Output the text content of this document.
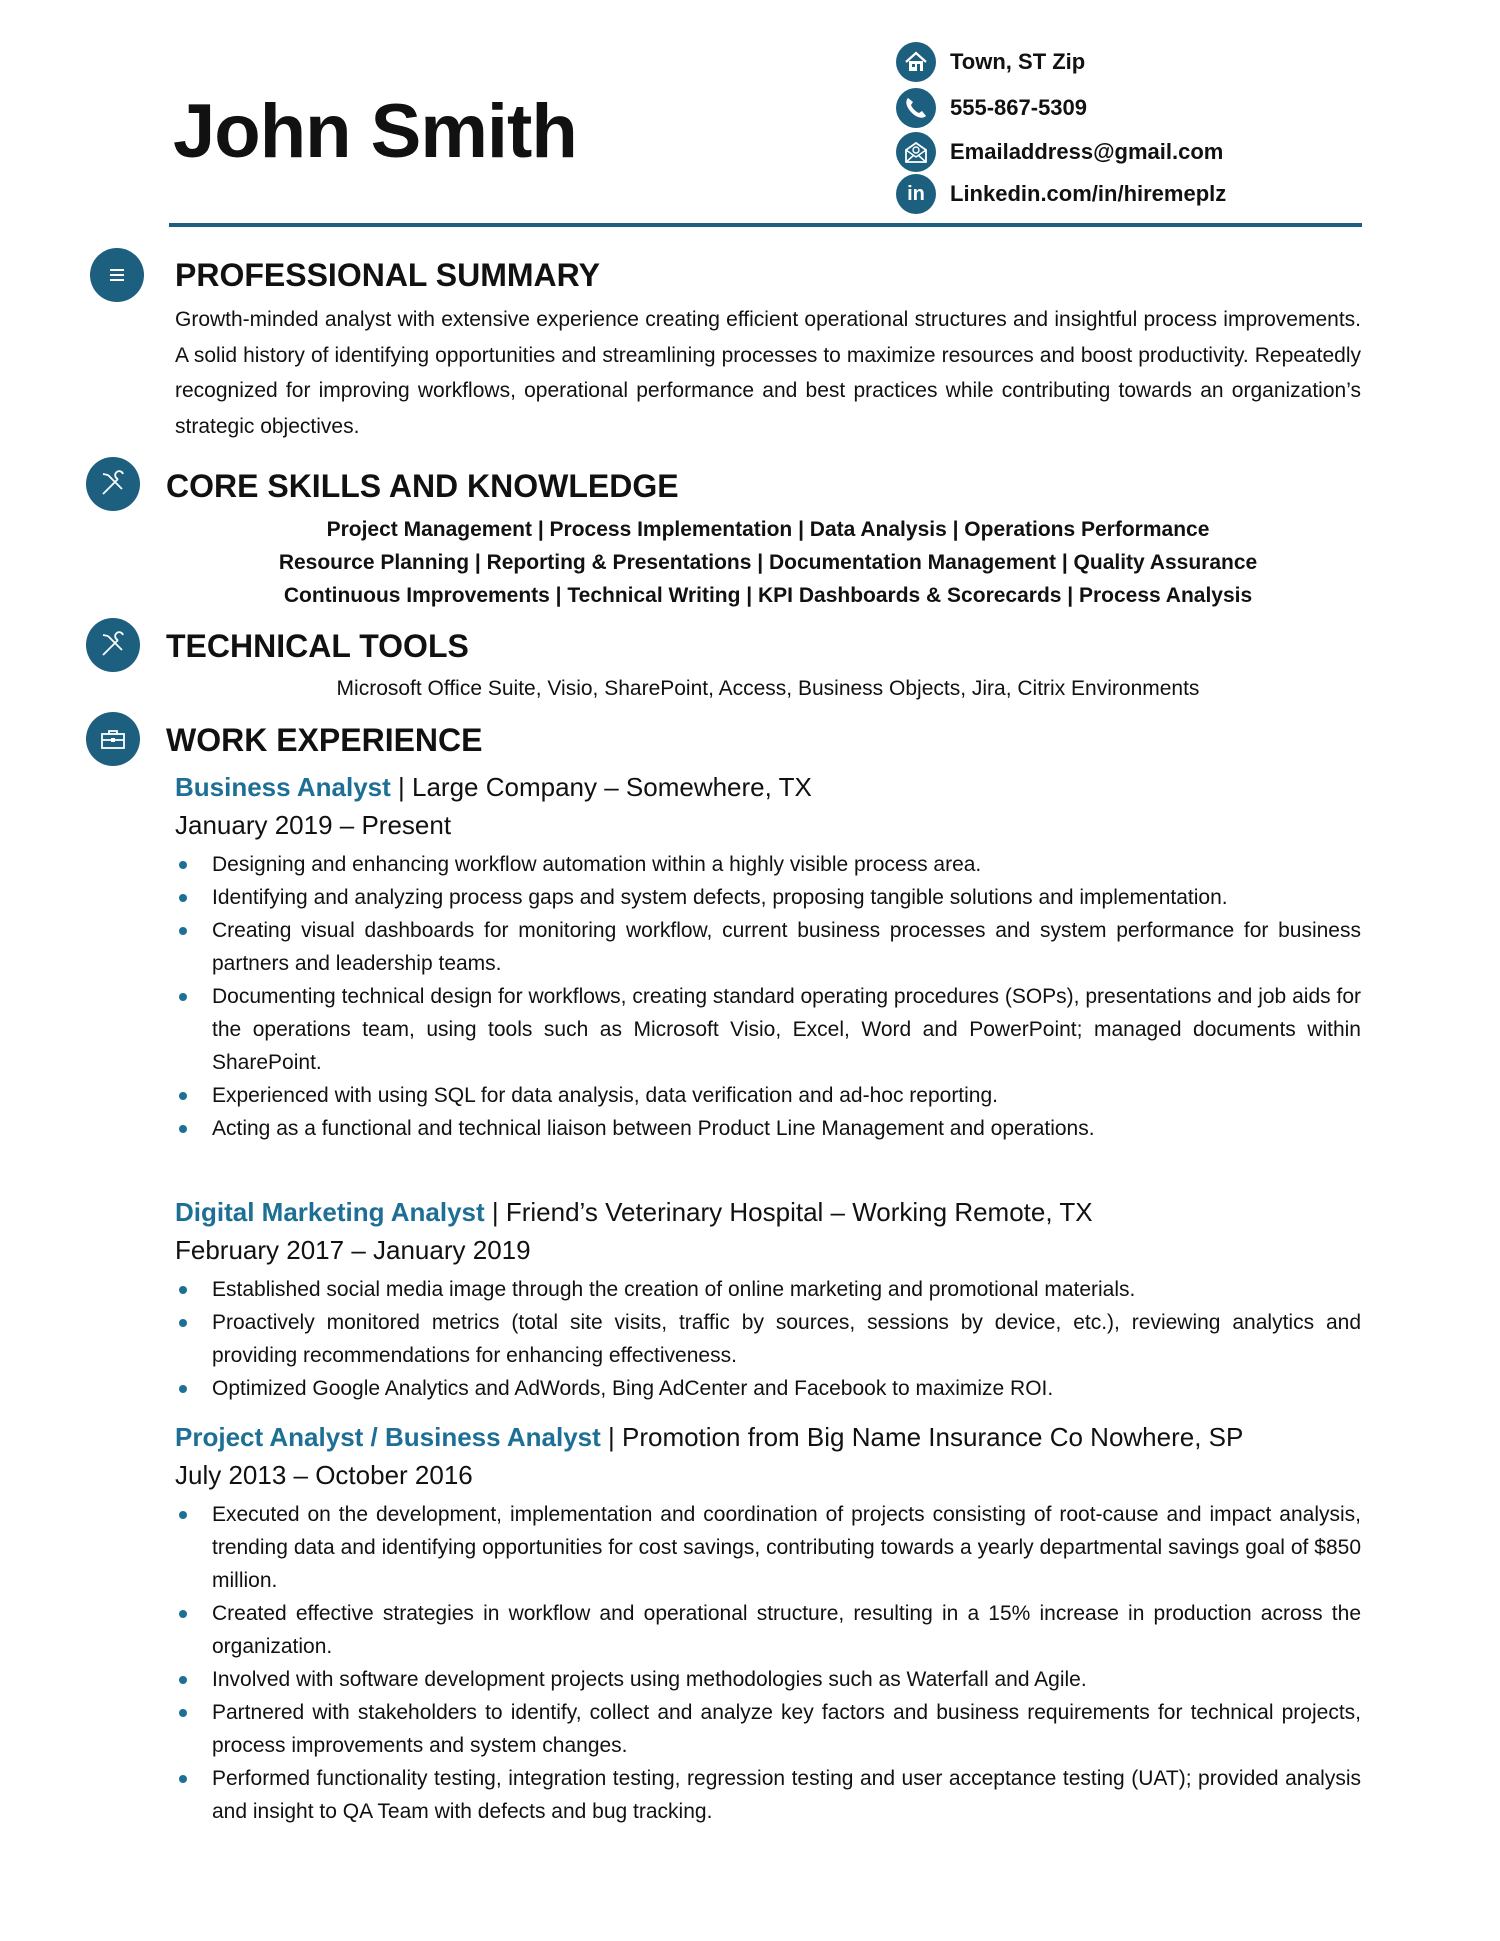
John Smith
Town, ST Zip
555-867-5309
Emailaddress@gmail.com
in	Linkedin.com/in/hiremeplz
PROFESSIONAL SUMMARY
Growth-minded analyst with extensive experience creating efficient operational structures and insightful process improvements. A solid history of identifying opportunities and streamlining processes to maximize resources and boost productivity. Repeatedly recognized for improving workflows, operational performance and best practices while contributing towards an organization’s strategic objectives.
CORE SKILLS AND KNOWLEDGE
Project Management | Process Implementation | Data Analysis | Operations Performance
Resource Planning | Reporting & Presentations | Documentation Management | Quality Assurance
Continuous Improvements | Technical Writing | KPI Dashboards & Scorecards | Process Analysis
TECHNICAL TOOLS
Microsoft Office Suite, Visio, SharePoint, Access, Business Objects, Jira, Citrix Environments
WORK EXPERIENCE
Business Analyst | Large Company – Somewhere, TX
January 2019 – Present
Designing and enhancing workflow automation within a highly visible process area.
Identifying and analyzing process gaps and system defects, proposing tangible solutions and implementation.
Creating visual dashboards for monitoring workflow, current business processes and system performance for business partners and leadership teams.
Documenting technical design for workflows, creating standard operating procedures (SOPs), presentations and job aids for the operations team, using tools such as Microsoft Visio, Excel, Word and PowerPoint; managed documents within SharePoint.
Experienced with using SQL for data analysis, data verification and ad-hoc reporting.
Acting as a functional and technical liaison between Product Line Management and operations.
Digital Marketing Analyst | Friend’s Veterinary Hospital – Working Remote, TX
February 2017 – January 2019
Established social media image through the creation of online marketing and promotional materials.
Proactively monitored metrics (total site visits, traffic by sources, sessions by device, etc.), reviewing analytics and providing recommendations for enhancing effectiveness.
Optimized Google Analytics and AdWords, Bing AdCenter and Facebook to maximize ROI.
Project Analyst / Business Analyst | Promotion from Big Name Insurance Co Nowhere, SP
July 2013 – October 2016
Executed on the development, implementation and coordination of projects consisting of root-cause and impact analysis, trending data and identifying opportunities for cost savings, contributing towards a yearly departmental savings goal of $850 million.
Created effective strategies in workflow and operational structure, resulting in a 15% increase in production across the organization.
Involved with software development projects using methodologies such as Waterfall and Agile.
Partnered with stakeholders to identify, collect and analyze key factors and business requirements for technical projects, process improvements and system changes.
Performed functionality testing, integration testing, regression testing and user acceptance testing (UAT); provided analysis and insight to QA Team with defects and bug tracking.
